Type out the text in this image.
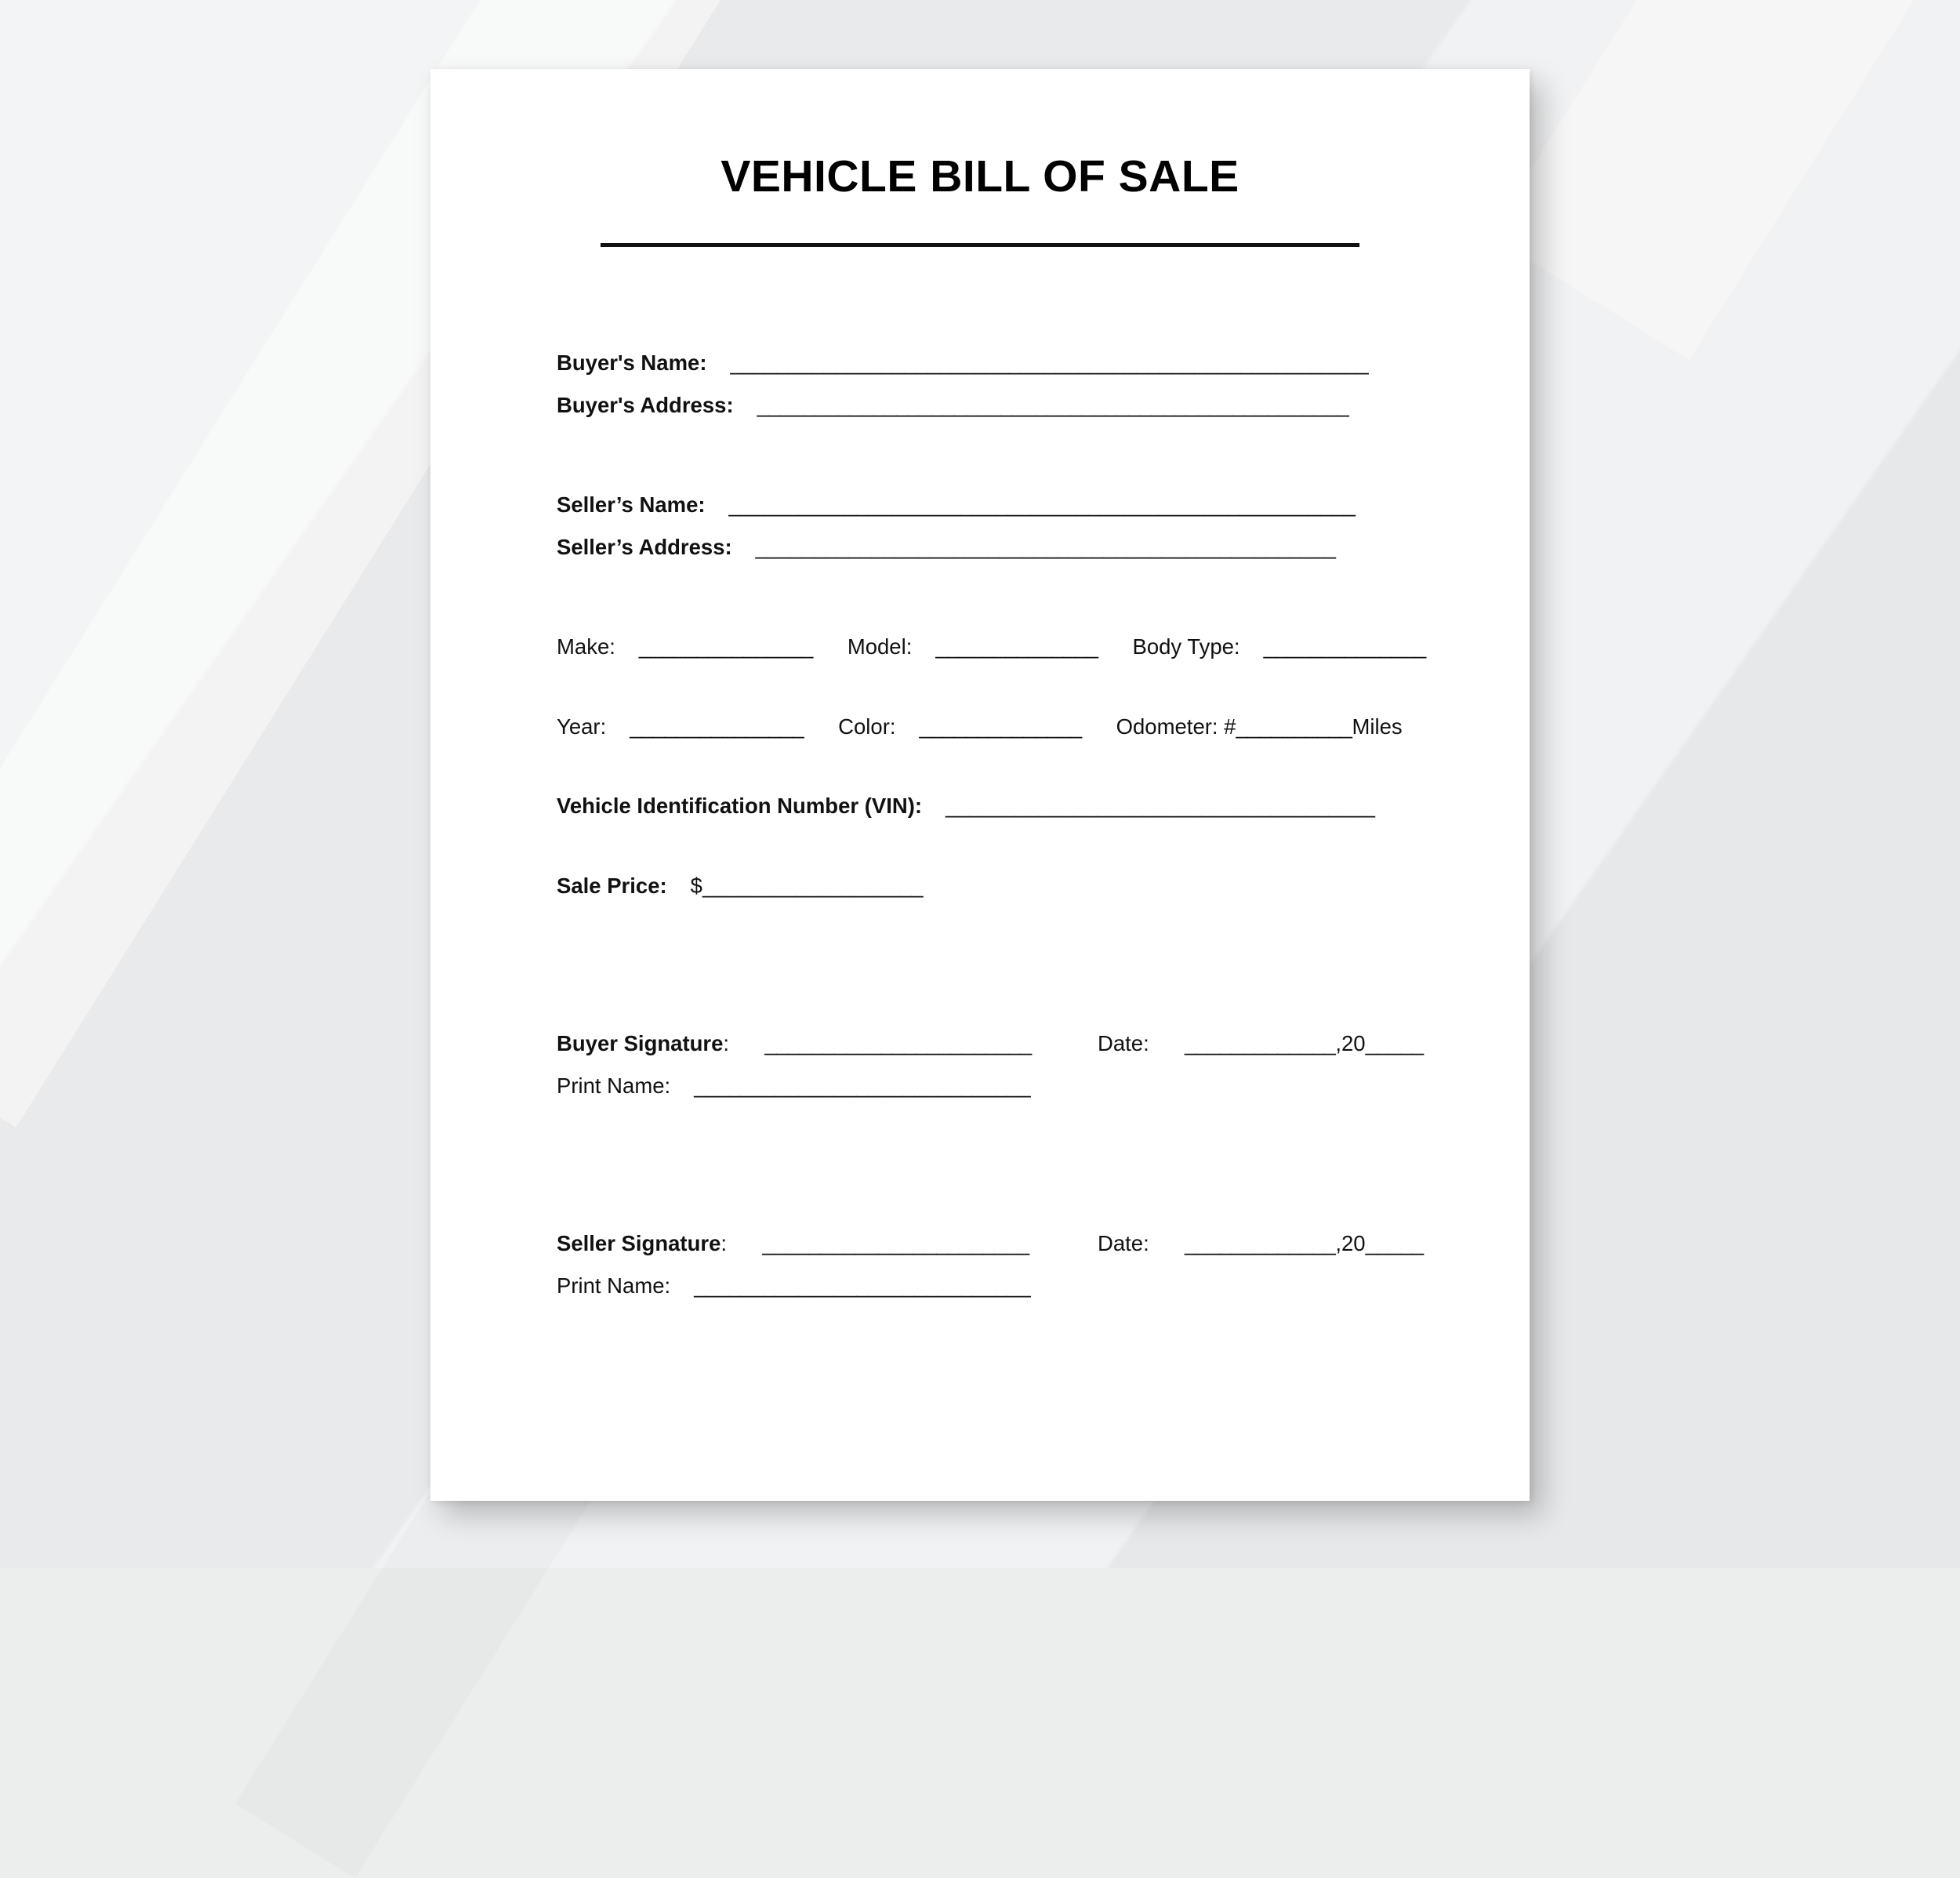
VEHICLE BILL OF SALE
Buyer's Name: _______________________________________________________
Buyer's Address: ___________________________________________________
Seller’s Name: ______________________________________________________
Seller’s Address: __________________________________________________
Make: _______________ Model: ______________ Body Type: ______________
Year: _______________ Color: ______________ Odometer: # __________ Miles
Vehicle Identification Number (VIN): _____________________________________
Sale Price: $ ___________________
Buyer Signature: _______________________	Date: _____________,20_____
Print Name: _____________________________
Seller Signature: _______________________	Date: _____________,20_____
Print Name: _____________________________
